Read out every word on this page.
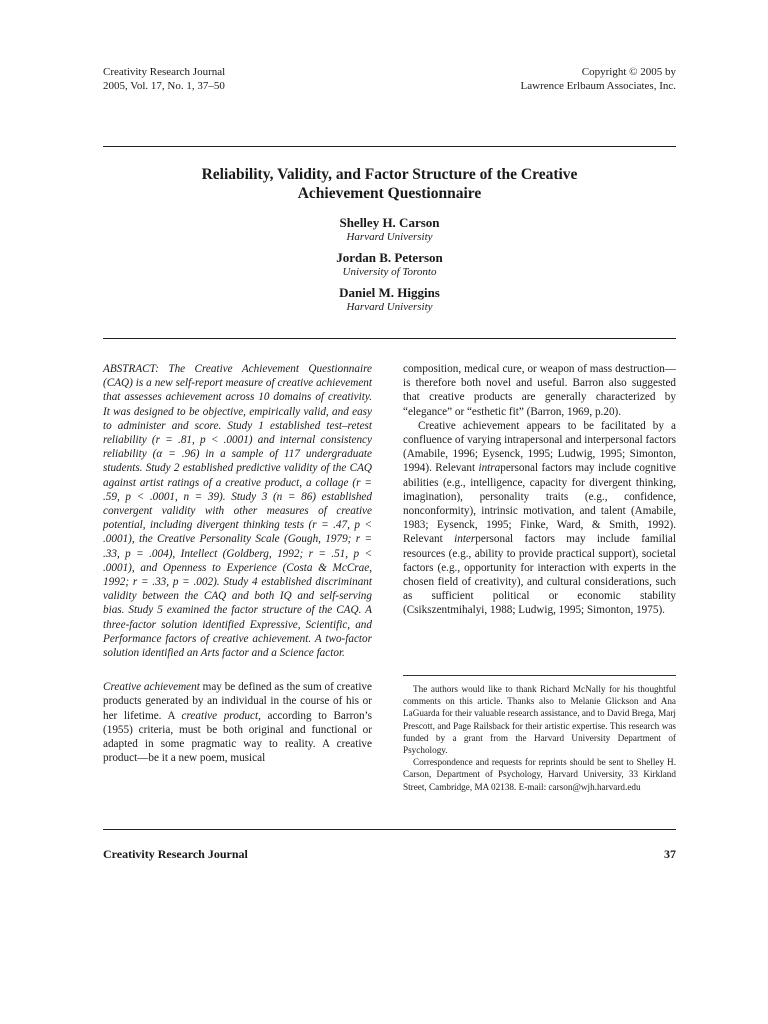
Creativity Research Journal
2005, Vol. 17, No. 1, 37–50
Copyright © 2005 by
Lawrence Erlbaum Associates, Inc.
Reliability, Validity, and Factor Structure of the Creative
Achievement Questionnaire
Shelley H. Carson
Harvard University
Jordan B. Peterson
University of Toronto
Daniel M. Higgins
Harvard University

ABSTRACT: The Creative Achievement Questionnaire (CAQ) is a new self-report measure of creative achievement that assesses achievement across 10 domains of creativity. It was designed to be objective, empirically valid, and easy to administer and score. Study 1 established test–retest reliability (r = .81, p < .0001) and internal consistency reliability (α = .96) in a sample of 117 undergraduate students. Study 2 established predictive validity of the CAQ against artist ratings of a creative product, a collage (r = .59, p < .0001, n = 39). Study 3 (n = 86) established convergent validity with other measures of creative potential, including divergent thinking tests (r = .47, p < .0001), the Creative Personality Scale (Gough, 1979; r = .33, p = .004), Intellect (Goldberg, 1992; r = .51, p < .0001), and Openness to Experience (Costa & McCrae, 1992; r = .33, p = .002). Study 4 established discriminant validity between the CAQ and both IQ and self-serving bias. Study 5 examined the factor structure of the CAQ. A three-factor solution identified Expressive, Scientific, and Performance factors of creative achievement. A two-factor solution identified an Arts factor and a Science factor.

Creative achievement may be defined as the sum of creative products generated by an individual in the course of his or her lifetime. A creative product, according to Barron’s (1955) criteria, must be both original and functional or adapted in some pragmatic way to reality. A creative product—be it a new poem, musical

composition, medical cure, or weapon of mass destruction—is therefore both novel and useful. Barron also suggested that creative products are generally characterized by “elegance” or “esthetic fit” (Barron, 1969, p.20).

Creative achievement appears to be facilitated by a confluence of varying intrapersonal and interpersonal factors (Amabile, 1996; Eysenck, 1995; Ludwig, 1995; Simonton, 1994). Relevant intrapersonal factors may include cognitive abilities (e.g., intelligence, capacity for divergent thinking, imagination), personality traits (e.g., confidence, nonconformity), intrinsic motivation, and talent (Amabile, 1983; Eysenck, 1995; Finke, Ward, & Smith, 1992). Relevant interpersonal factors may include familial resources (e.g., ability to provide practical support), societal factors (e.g., opportunity for interaction with experts in the chosen field of creativity), and cultural considerations, such as sufficient political or economic stability (Csikszentmihalyi, 1988; Ludwig, 1995; Simonton, 1975).

The authors would like to thank Richard McNally for his thoughtful comments on this article. Thanks also to Melanie Glickson and Ana LaGuarda for their valuable research assistance, and to David Brega, Marj Prescott, and Page Railsback for their artistic expertise. This research was funded by a grant from the Harvard University Department of Psychology.

Correspondence and requests for reprints should be sent to Shelley H. Carson, Department of Psychology, Harvard University, 33 Kirkland Street, Cambridge, MA 02138. E-mail: carson@wjh.harvard.edu

Creativity Research Journal	37
